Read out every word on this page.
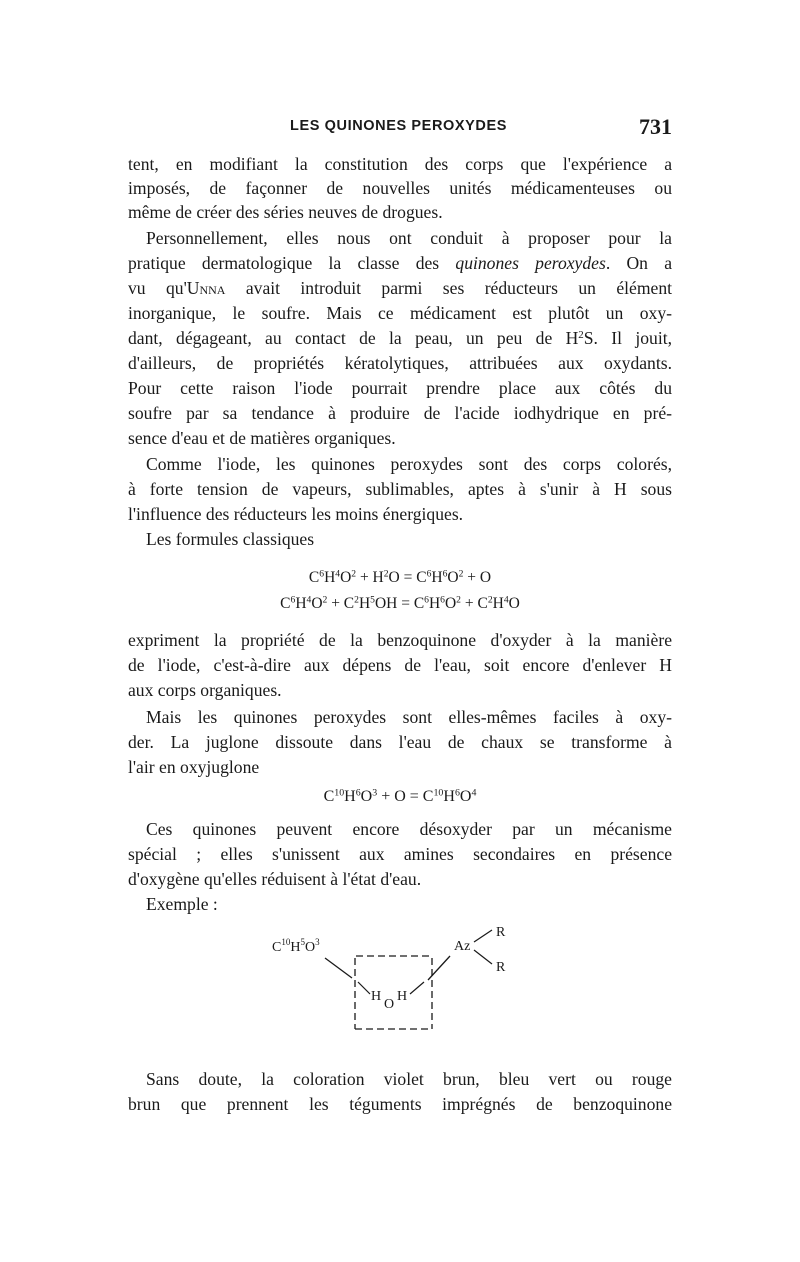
LES QUINONES PEROXYDES	731
tent, en modifiant la constitution des corps que l'expérience a
imposés, de façonner de nouvelles unités médicamenteuses ou
même de créer des séries neuves de drogues.
Personnellement, elles nous ont conduit à proposer pour la
pratique dermatologique la classe des quinones peroxydes. On a
vu qu'Unna avait introduit parmi ses réducteurs un élément
inorganique, le soufre. Mais ce médicament est plutôt un oxy-
dant, dégageant, au contact de la peau, un peu de $H^2S$. Il jouit,
d'ailleurs, de propriétés kératolytiques, attribuées aux oxydants.
Pour cette raison l'iode pourrait prendre place aux côtés du
soufre par sa tendance à produire de l'acide iodhydrique en pré-
sence d'eau et de matières organiques.
Comme l'iode, les quinones peroxydes sont des corps colorés,
à forte tension de vapeurs, sublimables, aptes à s'unir à H sous
l'influence des réducteurs les moins énergiques.
Les formules classiques
$C^6H^4O^2 + H^2O = C^6H^6O^2 + O$
$C^6H^4O^2 + C^2H^5OH = C^6H^6O^2 + C^2H^4O$
expriment la propriété de la benzoquinone d'oxyder à la manière
de l'iode, c'est-à-dire aux dépens de l'eau, soit encore d'enlever H
aux corps organiques.
Mais les quinones peroxydes sont elles-mêmes faciles à oxy-
der. La juglone dissoute dans l'eau de chaux se transforme à
l'air en oxyjuglone
$C^{10}H^6O^3 + O = C^{10}H^6O^4$
Ces quinones peuvent encore désoxyder par un mécanisme
spécial ; elles s'unissent aux amines secondaires en présence
d'oxygène qu'elles réduisent à l'état d'eau.
Exemple :
$C^{10}H^5O^3$	Az
R
R
H
O
H
Sans doute, la coloration violet brun, bleu vert ou rouge
brun que prennent les téguments imprégnés de benzoquinone
